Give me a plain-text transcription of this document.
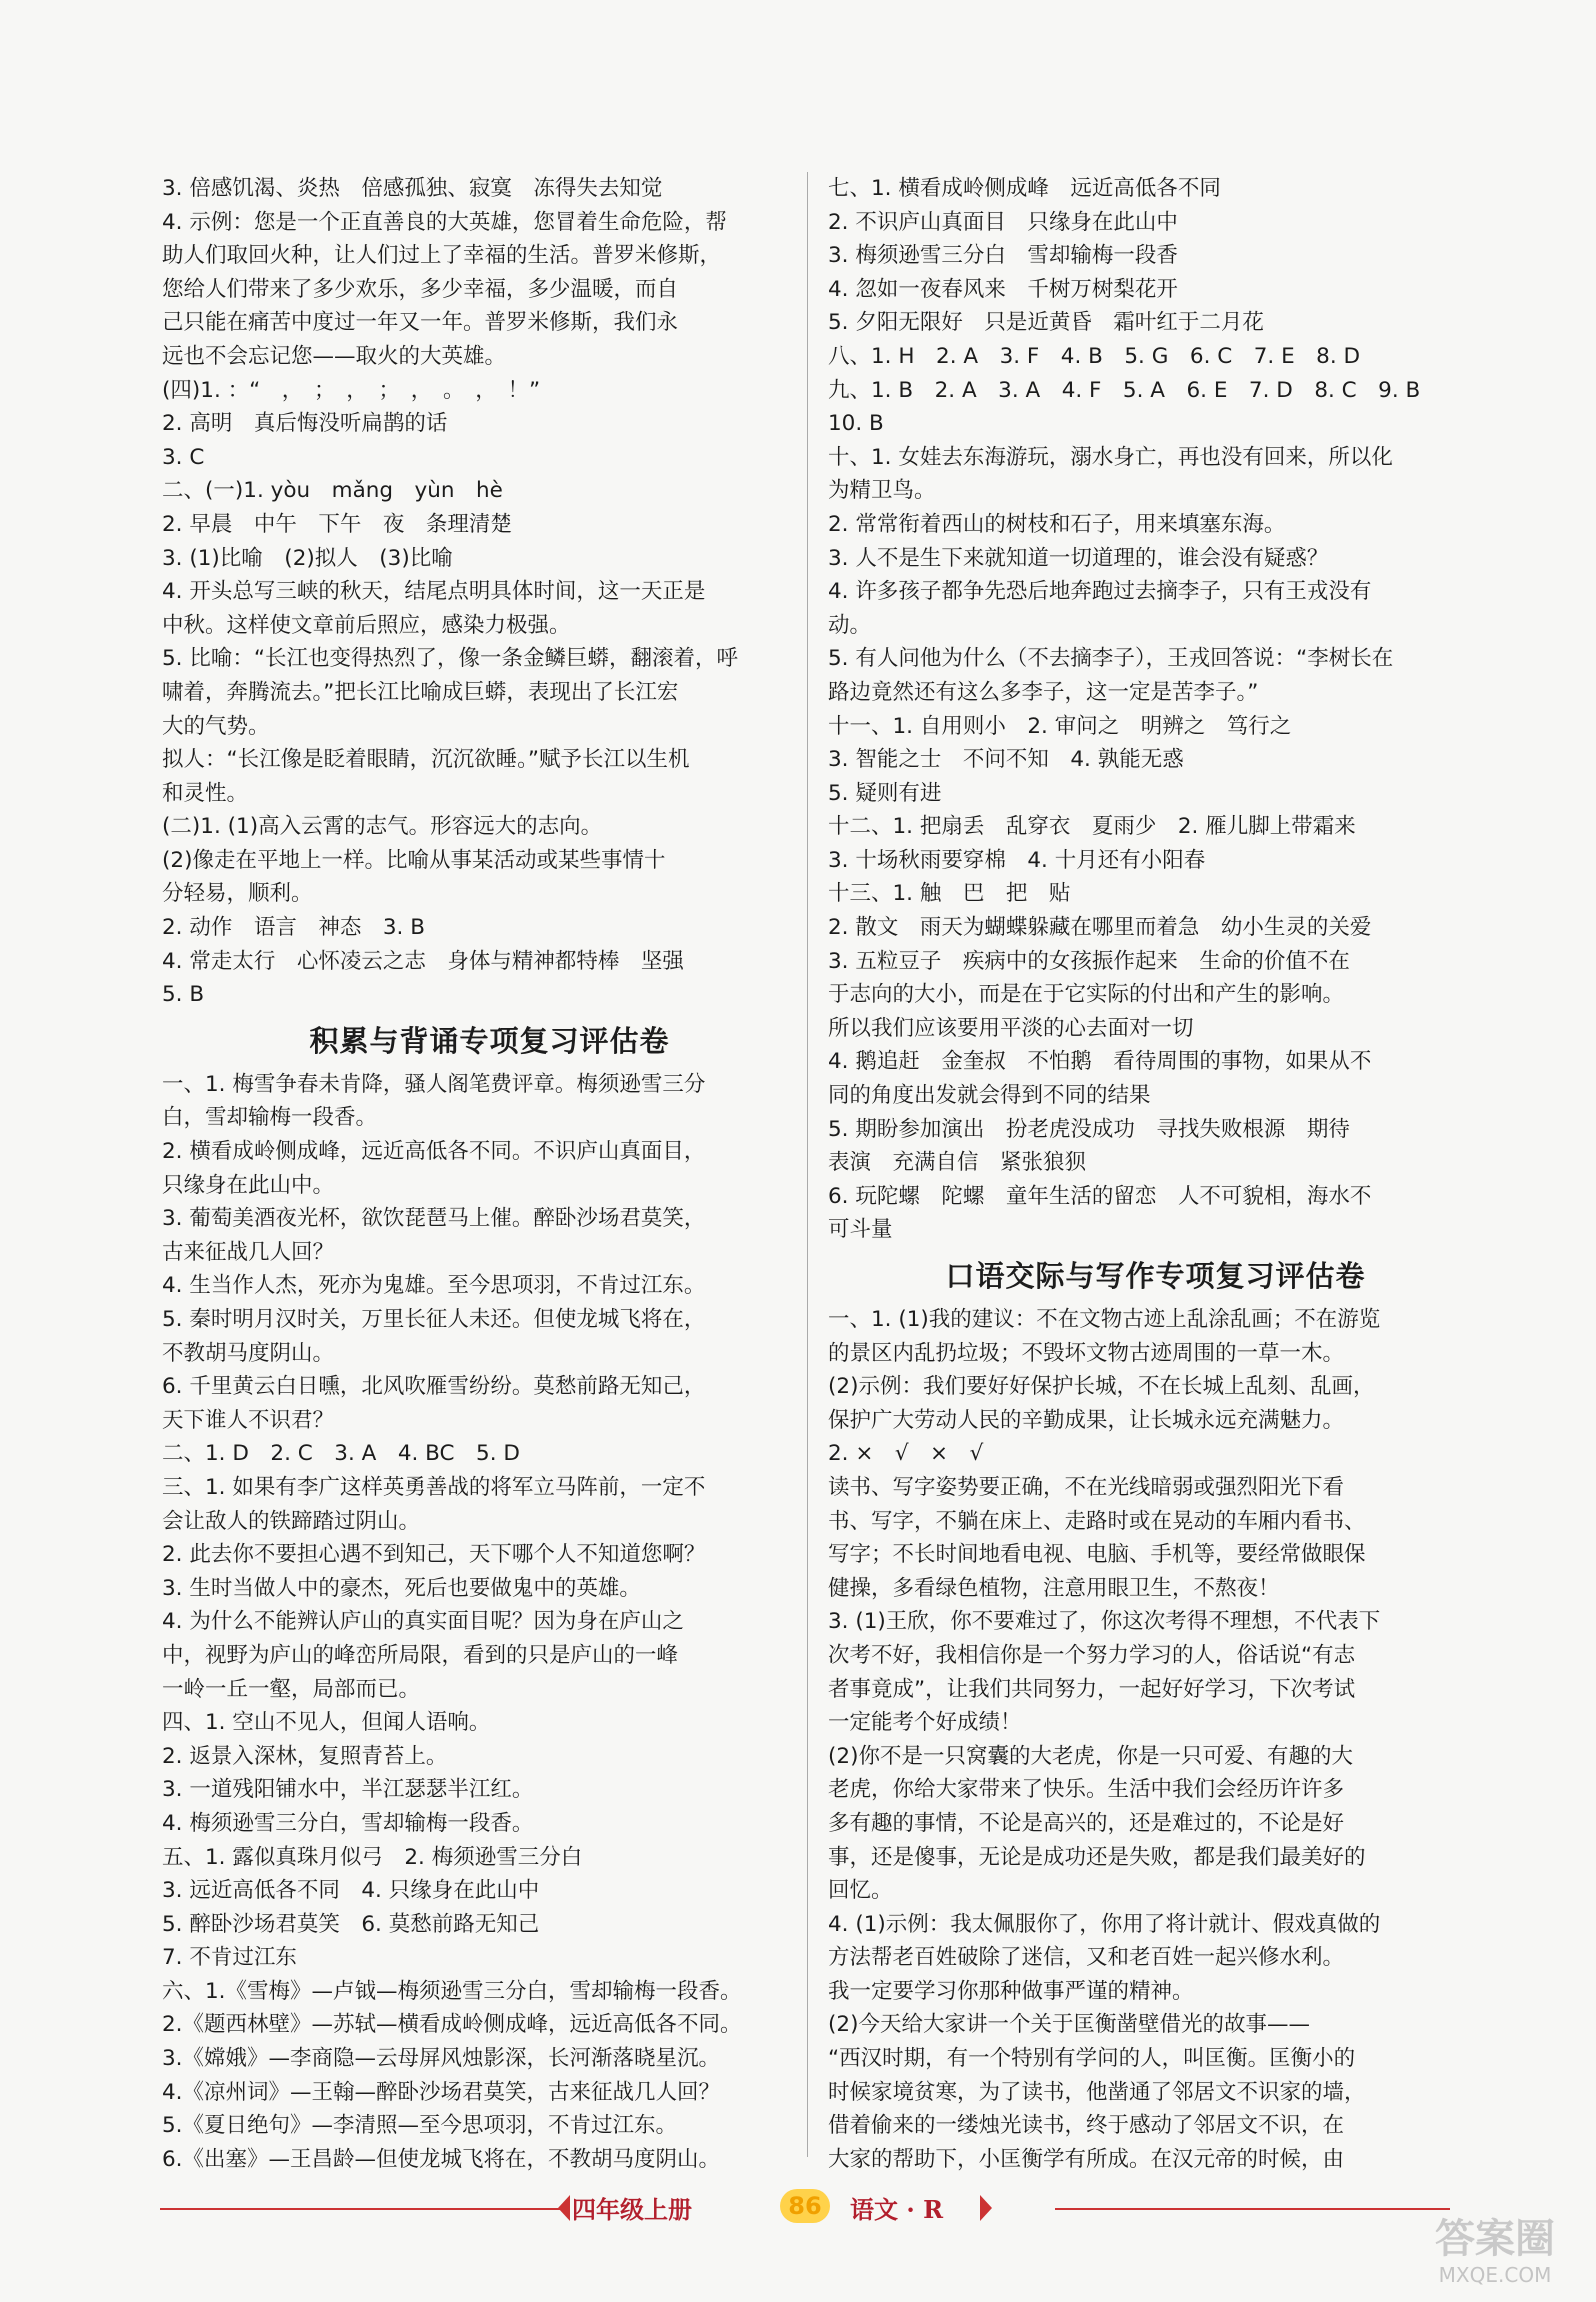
3. 倍感饥渴、炎热　倍感孤独、寂寞　冻得失去知觉
4. 示例：您是一个正直善良的大英雄，您冒着生命危险，帮
助人们取回火种，让人们过上了幸福的生活。普罗米修斯，
您给人们带来了多少欢乐，多少幸福，多少温暖，而自
己只能在痛苦中度过一年又一年。普罗米修斯，我们永
远也不会忘记您——取火的大英雄。
(四)1. ：“　，　；　，　；　，　。　，　！”
2. 高明　真后悔没听扁鹊的话
3. C
二、(一)1. yòu　mǎng　yùn　hè
2. 早晨　中午　下午　夜　条理清楚
3. (1)比喻　(2)拟人　(3)比喻
4. 开头总写三峡的秋天，结尾点明具体时间，这一天正是
中秋。这样使文章前后照应，感染力极强。
5. 比喻：“长江也变得热烈了，像一条金鳞巨蟒，翻滚着，呼
啸着，奔腾流去。”把长江比喻成巨蟒，表现出了长江宏
大的气势。
拟人：“长江像是眨着眼睛，沉沉欲睡。”赋予长江以生机
和灵性。
(二)1. (1)高入云霄的志气。形容远大的志向。
(2)像走在平地上一样。比喻从事某活动或某些事情十
分轻易，顺利。
2. 动作　语言　神态　3. B
4. 常走太行　心怀凌云之志　身体与精神都特棒　坚强
5. B
积累与背诵专项复习评估卷
一、1. 梅雪争春未肯降，骚人阁笔费评章。梅须逊雪三分
白，雪却输梅一段香。
2. 横看成岭侧成峰，远近高低各不同。不识庐山真面目，
只缘身在此山中。
3. 葡萄美酒夜光杯，欲饮琵琶马上催。醉卧沙场君莫笑，
古来征战几人回？
4. 生当作人杰，死亦为鬼雄。至今思项羽，不肯过江东。
5. 秦时明月汉时关，万里长征人未还。但使龙城飞将在，
不教胡马度阴山。
6. 千里黄云白日曛，北风吹雁雪纷纷。莫愁前路无知己，
天下谁人不识君？
二、1. D　2. C　3. A　4. BC　5. D
三、1. 如果有李广这样英勇善战的将军立马阵前，一定不
会让敌人的铁蹄踏过阴山。
2. 此去你不要担心遇不到知己，天下哪个人不知道您啊？
3. 生时当做人中的豪杰，死后也要做鬼中的英雄。
4. 为什么不能辨认庐山的真实面目呢？因为身在庐山之
中，视野为庐山的峰峦所局限，看到的只是庐山的一峰
一岭一丘一壑，局部而已。
四、1. 空山不见人，但闻人语响。
2. 返景入深林，复照青苔上。
3. 一道残阳铺水中，半江瑟瑟半江红。
4. 梅须逊雪三分白，雪却输梅一段香。
五、1. 露似真珠月似弓　2. 梅须逊雪三分白
3. 远近高低各不同　4. 只缘身在此山中
5. 醉卧沙场君莫笑　6. 莫愁前路无知己
7. 不肯过江东
六、1.《雪梅》—卢钺—梅须逊雪三分白，雪却输梅一段香。
2.《题西林壁》—苏轼—横看成岭侧成峰，远近高低各不同。
3.《嫦娥》—李商隐—云母屏风烛影深，长河渐落晓星沉。
4.《凉州词》—王翰—醉卧沙场君莫笑，古来征战几人回？
5.《夏日绝句》—李清照—至今思项羽，不肯过江东。
6.《出塞》—王昌龄—但使龙城飞将在，不教胡马度阴山。
七、1. 横看成岭侧成峰　远近高低各不同
2. 不识庐山真面目　只缘身在此山中
3. 梅须逊雪三分白　雪却输梅一段香
4. 忽如一夜春风来　千树万树梨花开
5. 夕阳无限好　只是近黄昏　霜叶红于二月花
八、1. H　2. A　3. F　4. B　5. G　6. C　7. E　8. D
九、1. B　2. A　3. A　4. F　5. A　6. E　7. D　8. C　9. B
10. B
十、1. 女娃去东海游玩，溺水身亡，再也没有回来，所以化
为精卫鸟。
2. 常常衔着西山的树枝和石子，用来填塞东海。
3. 人不是生下来就知道一切道理的，谁会没有疑惑？
4. 许多孩子都争先恐后地奔跑过去摘李子，只有王戎没有
动。
5. 有人问他为什么（不去摘李子），王戎回答说：“李树长在
路边竟然还有这么多李子，这一定是苦李子。”
十一、1. 自用则小　2. 审问之　明辨之　笃行之
3. 智能之士　不问不知　4. 孰能无惑
5. 疑则有进
十二、1. 把扇丢　乱穿衣　夏雨少　2. 雁儿脚上带霜来
3. 十场秋雨要穿棉　4. 十月还有小阳春
十三、1. 触　巴　把　贴
2. 散文　雨天为蝴蝶躲藏在哪里而着急　幼小生灵的关爱
3. 五粒豆子　疾病中的女孩振作起来　生命的价值不在
于志向的大小，而是在于它实际的付出和产生的影响。
所以我们应该要用平淡的心去面对一切
4. 鹅追赶　金奎叔　不怕鹅　看待周围的事物，如果从不
同的角度出发就会得到不同的结果
5. 期盼参加演出　扮老虎没成功　寻找失败根源　期待
表演　充满自信　紧张狼狈
6. 玩陀螺　陀螺　童年生活的留恋　人不可貌相，海水不
可斗量
口语交际与写作专项复习评估卷
一、1. (1)我的建议：不在文物古迹上乱涂乱画；不在游览
的景区内乱扔垃圾；不毁坏文物古迹周围的一草一木。
(2)示例：我们要好好保护长城，不在长城上乱刻、乱画，
保护广大劳动人民的辛勤成果，让长城永远充满魅力。
2. ×　√　×　√
读书、写字姿势要正确，不在光线暗弱或强烈阳光下看
书、写字，不躺在床上、走路时或在晃动的车厢内看书、
写字；不长时间地看电视、电脑、手机等，要经常做眼保
健操，多看绿色植物，注意用眼卫生，不熬夜！
3. (1)王欣，你不要难过了，你这次考得不理想，不代表下
次考不好，我相信你是一个努力学习的人，俗话说“有志
者事竟成”，让我们共同努力，一起好好学习，下次考试
一定能考个好成绩！
(2)你不是一只窝囊的大老虎，你是一只可爱、有趣的大
老虎，你给大家带来了快乐。生活中我们会经历许许多
多有趣的事情，不论是高兴的，还是难过的，不论是好
事，还是傻事，无论是成功还是失败，都是我们最美好的
回忆。
4. (1)示例：我太佩服你了，你用了将计就计、假戏真做的
方法帮老百姓破除了迷信，又和老百姓一起兴修水利。
我一定要学习你那种做事严谨的精神。
(2)今天给大家讲一个关于匡衡凿壁借光的故事——
“西汉时期，有一个特别有学问的人，叫匡衡。匡衡小的
时候家境贫寒，为了读书，他凿通了邻居文不识家的墙，
借着偷来的一缕烛光读书，终于感动了邻居文不识，在
大家的帮助下，小匡衡学有所成。在汉元帝的时候，由
四年级上册	86	语文 · R
答案圈
MXQE.COM
